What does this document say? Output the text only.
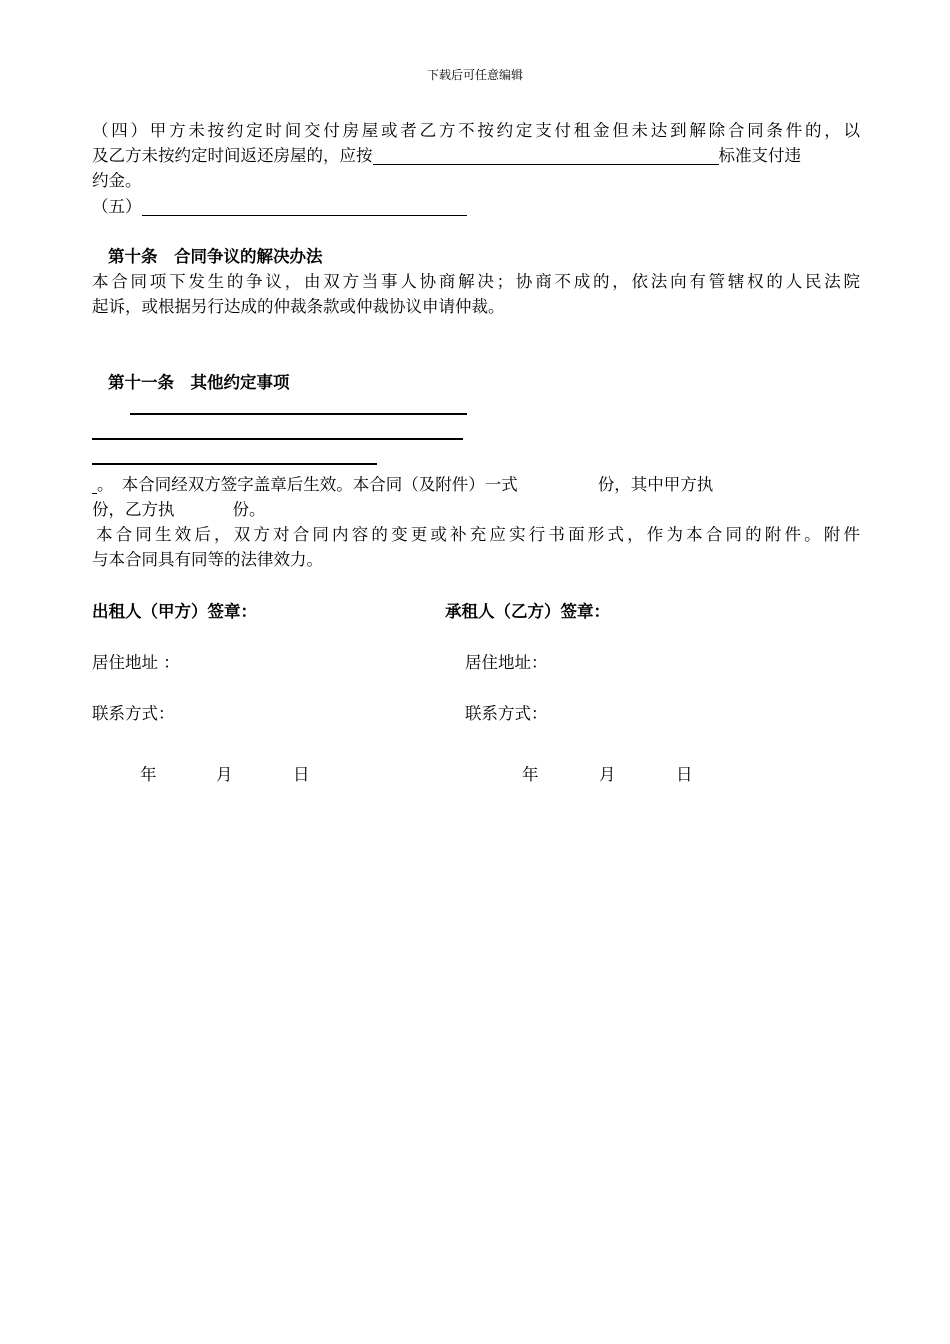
下载后可任意编辑
（四）甲方未按约定时间交付房屋或者乙方不按约定支付租金但未达到解除合同条件的，以
及乙方未按约定时间返还房屋的，应按	标准支付违
约金。
（五）
第十条　合同争议的解决办法
本合同项下发生的争议，由双方当事人协商解决；协商不成的，依法向有管辖权的人民法院
起诉，或根据另行达成的仲裁条款或仲裁协议申请仲裁。
第十一条　其他约定事项
。　本合同经双方签字盖章后生效。本合同（及附件）一式	份，其中甲方执
份，乙方执	份。
本合同生效后，双方对合同内容的变更或补充应实行书面形式，作为本合同的附件。附件
与本合同具有同等的法律效力。
出租人（甲方）签章：	承租人（乙方）签章：
居住地址 ：	居住地址：
联系方式：	联系方式：
年	月	日	年	月	日
